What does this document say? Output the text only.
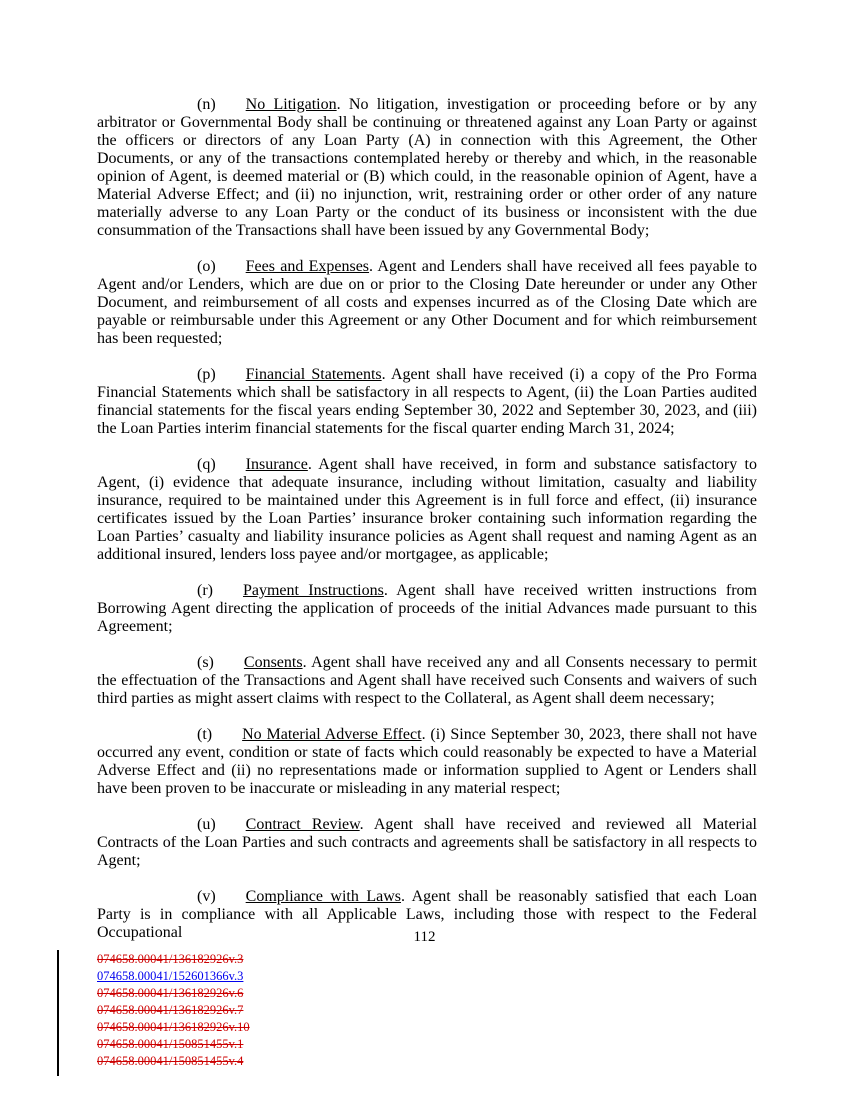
(n) No Litigation. No litigation, investigation or proceeding before or by any arbitrator or Governmental Body shall be continuing or threatened against any Loan Party or against the officers or directors of any Loan Party (A) in connection with this Agreement, the Other Documents, or any of the transactions contemplated hereby or thereby and which, in the reasonable opinion of Agent, is deemed material or (B) which could, in the reasonable opinion of Agent, have a Material Adverse Effect; and (ii) no injunction, writ, restraining order or other order of any nature materially adverse to any Loan Party or the conduct of its business or inconsistent with the due consummation of the Transactions shall have been issued by any Governmental Body;

(o) Fees and Expenses. Agent and Lenders shall have received all fees payable to Agent and/or Lenders, which are due on or prior to the Closing Date hereunder or under any Other Document, and reimbursement of all costs and expenses incurred as of the Closing Date which are payable or reimbursable under this Agreement or any Other Document and for which reimbursement has been requested;

(p) Financial Statements. Agent shall have received (i) a copy of the Pro Forma Financial Statements which shall be satisfactory in all respects to Agent, (ii) the Loan Parties audited financial statements for the fiscal years ending September 30, 2022 and September 30, 2023, and (iii) the Loan Parties interim financial statements for the fiscal quarter ending March 31, 2024;

(q) Insurance. Agent shall have received, in form and substance satisfactory to Agent, (i) evidence that adequate insurance, including without limitation, casualty and liability insurance, required to be maintained under this Agreement is in full force and effect, (ii) insurance certificates issued by the Loan Parties’ insurance broker containing such information regarding the Loan Parties’ casualty and liability insurance policies as Agent shall request and naming Agent as an additional insured, lenders loss payee and/or mortgagee, as applicable;

(r) Payment Instructions. Agent shall have received written instructions from Borrowing Agent directing the application of proceeds of the initial Advances made pursuant to this Agreement;

(s) Consents. Agent shall have received any and all Consents necessary to permit the effectuation of the Transactions and Agent shall have received such Consents and waivers of such third parties as might assert claims with respect to the Collateral, as Agent shall deem necessary;

(t) No Material Adverse Effect. (i) Since September 30, 2023, there shall not have occurred any event, condition or state of facts which could reasonably be expected to have a Material Adverse Effect and (ii) no representations made or information supplied to Agent or Lenders shall have been proven to be inaccurate or misleading in any material respect;

(u) Contract Review. Agent shall have received and reviewed all Material Contracts of the Loan Parties and such contracts and agreements shall be satisfactory in all respects to Agent;

(v) Compliance with Laws. Agent shall be reasonably satisfied that each Loan Party is in compliance with all Applicable Laws, including those with respect to the Federal Occupational	112
074658.00041/136182926v.3
074658.00041/152601366v.3
074658.00041/136182926v.6
074658.00041/136182926v.7
074658.00041/136182926v.10
074658.00041/150851455v.1
074658.00041/150851455v.4
